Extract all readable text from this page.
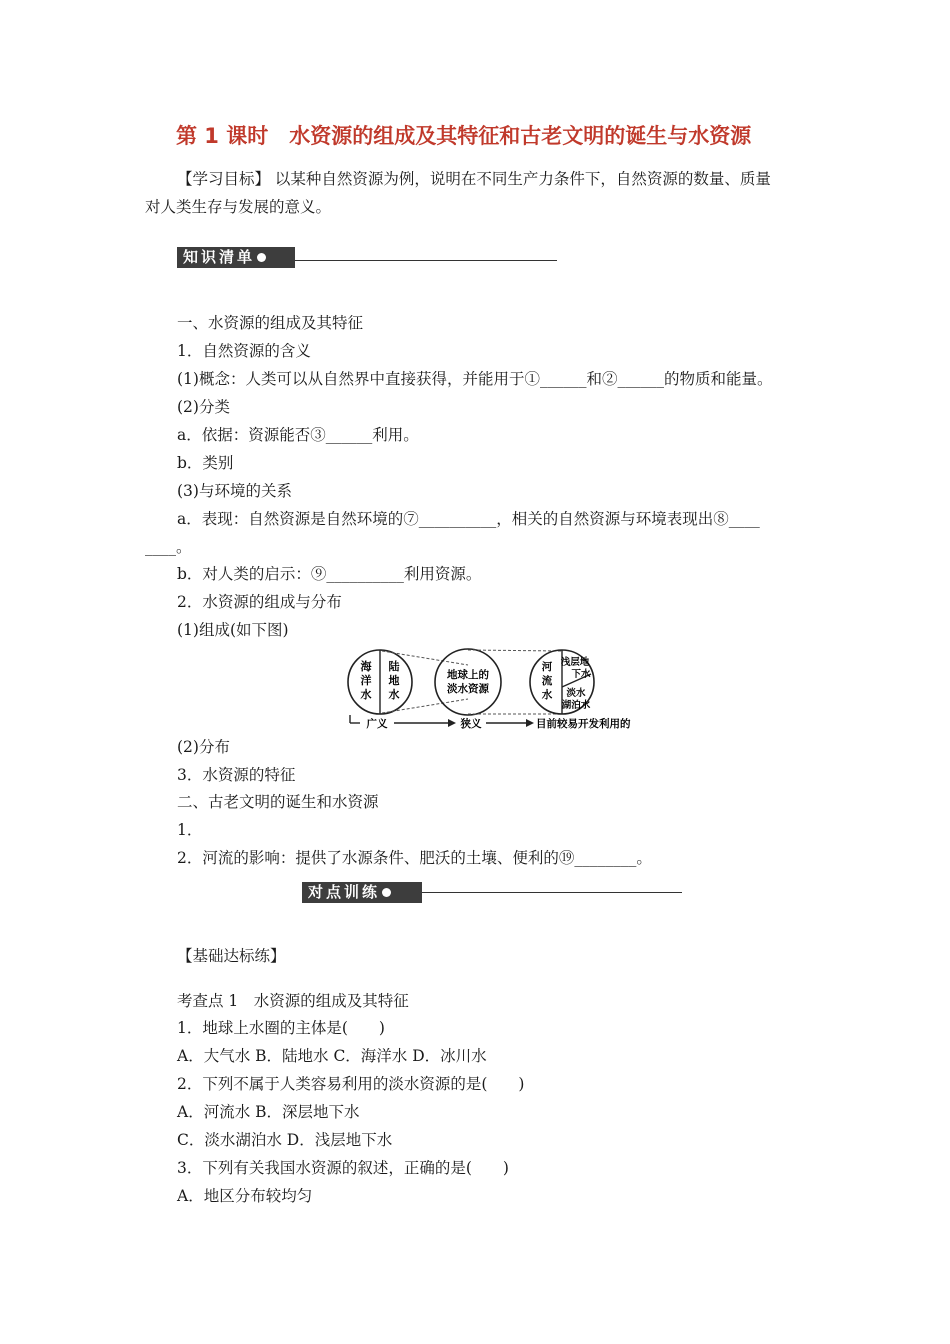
第 1 课时　水资源的组成及其特征和古老文明的诞生与水资源
【学习目标】 以某种自然资源为例，说明在不同生产力条件下，自然资源的数量、质量
对人类生存与发展的意义。
知识清单
一、水资源的组成及其特征
1．自然资源的含义
(1)概念：人类可以从自然界中直接获得，并能用于①______和②______的物质和能量。
(2)分类
a．依据：资源能否③______利用。
b．类别
(3)与环境的关系
a．表现：自然资源是自然环境的⑦__________，相关的自然资源与环境表现出⑧____
____。
b．对人类的启示：⑨__________利用资源。
2．水资源的组成与分布
(1)组成(如下图)
海
洋
水
陆
地
水
地球上的
淡水资源
河
流
水
浅层地
下水
淡水
湖泊水
广义	狭义	目前较易开发利用的
(2)分布
3．水资源的特征
二、古老文明的诞生和水资源
1．
2．河流的影响：提供了水源条件、肥沃的土壤、便利的⑲________。
对点训练
【基础达标练】
考查点 1　水资源的组成及其特征
1．地球上水圈的主体是(　　)
A．大气水 B．陆地水 C．海洋水 D．冰川水
2．下列不属于人类容易利用的淡水资源的是(　　)
A．河流水 B．深层地下水
C．淡水湖泊水 D．浅层地下水
3．下列有关我国水资源的叙述，正确的是(　　)
A．地区分布较均匀
